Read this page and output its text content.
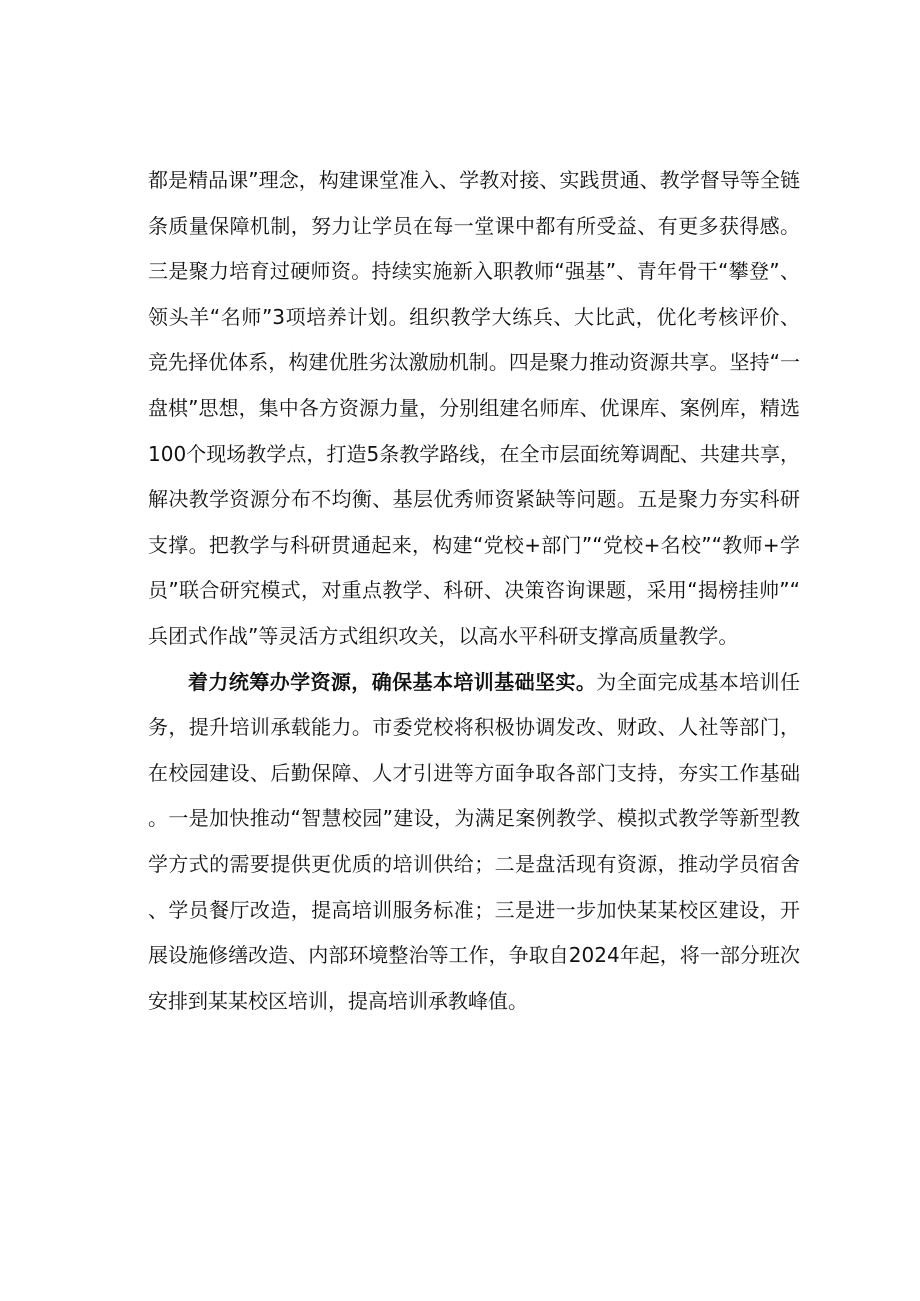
都是精品课”理念，构建课堂准入、学教对接、实践贯通、教学督导等全链条质量保障机制，努力让学员在每一堂课中都有所受益、有更多获得感。三是聚力培育过硬师资。持续实施新入职教师“强基”、青年骨干“攀登”、领头羊“名师”3项培养计划。组织教学大练兵、大比武，优化考核评价、竞先择优体系，构建优胜劣汰激励机制。四是聚力推动资源共享。坚持“一盘棋”思想，集中各方资源力量，分别组建名师库、优课库、案例库，精选100个现场教学点，打造5条教学路线，在全市层面统筹调配、共建共享，解决教学资源分布不均衡、基层优秀师资紧缺等问题。五是聚力夯实科研支撑。把教学与科研贯通起来，构建“党校+部门”“党校+名校”“教师+学员”联合研究模式，对重点教学、科研、决策咨询课题，采用“揭榜挂帅”“兵团式作战”等灵活方式组织攻关，以高水平科研支撑高质量教学。

着力统筹办学资源，确保基本培训基础坚实。为全面完成基本培训任务，提升培训承载能力。市委党校将积极协调发改、财政、人社等部门，在校园建设、后勤保障、人才引进等方面争取各部门支持，夯实工作基础。一是加快推动“智慧校园”建设，为满足案例教学、模拟式教学等新型教学方式的需要提供更优质的培训供给；二是盘活现有资源，推动学员宿舍、学员餐厅改造，提高培训服务标准；三是进一步加快某某校区建设，开展设施修缮改造、内部环境整治等工作，争取自2024年起，将一部分班次安排到某某校区培训，提高培训承教峰值。
